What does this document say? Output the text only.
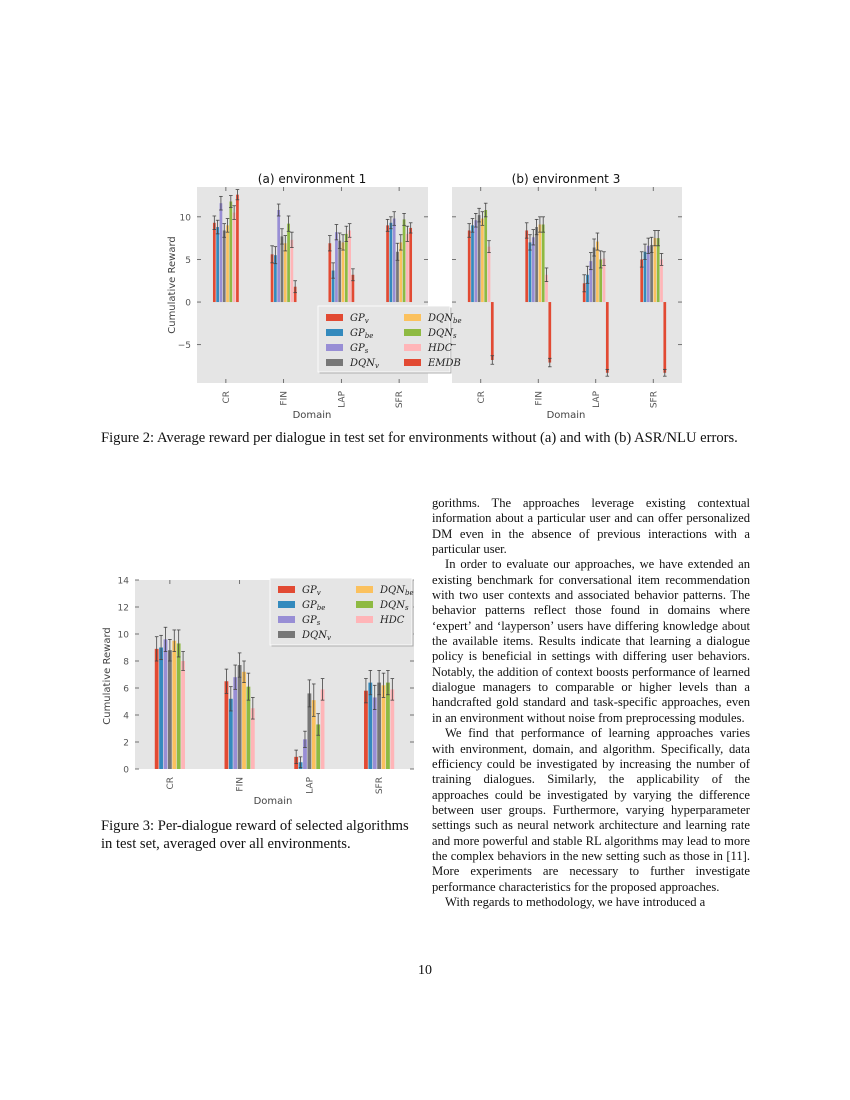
CR	FIN	LAP	SFR
−5
0
5
10
CR	FIN	LAP	SFR
(a) environment 1	(b) environment 3
Cumulative Reward
Domain	Domain
$GP_v$
$GP_{be}$
$GP_s$
$DQN_v$
$DQN_{be}$
$DQN_s$
HDC
EMDB
Figure 2: Average reward per dialogue in test set for environments without (a) and with (b) ASR/NLU errors.
CR	FIN	LAP	SFR
0
2
4
6
8
10
12
14
Cumulative Reward
Domain
$GP_v$
$GP_{be}$
$GP_s$
$DQN_v$
$DQN_{be}$
$DQN_s$
HDC
Figure 3: Per-dialogue reward of selected algorithms in test set, averaged over all environments.

gorithms. The approaches leverage existing contextual information about a particular user and can offer personalized DM even in the absence of previous interactions with a particular user.

In order to evaluate our approaches, we have extended an existing benchmark for conversational item recommendation with two user contexts and associated behavior patterns. The behavior patterns reflect those found in domains where ‘expert’ and ‘layperson’ users have differing knowledge about the available items. Results indicate that learning a dialogue policy is beneficial in settings with differing user behaviors. Notably, the addition of context boosts performance of learned dialogue managers to comparable or higher levels than a handcrafted gold standard and task-specific approaches, even in an environment without noise from preprocessing modules.

We find that performance of learning approaches varies with environment, domain, and algorithm. Specifically, data efficiency could be investigated by increasing the number of training dialogues. Similarly, the applicability of the approaches could be investigated by varying the difference between user groups. Furthermore, varying hyperparameter settings such as neural network architecture and learning rate and more powerful and stable RL algorithms may lead to more the complex behaviors in the new setting such as those in [11]. More experiments are necessary to further investigate performance characteristics for the proposed approaches.

With regards to methodology, we have introduced a

10
